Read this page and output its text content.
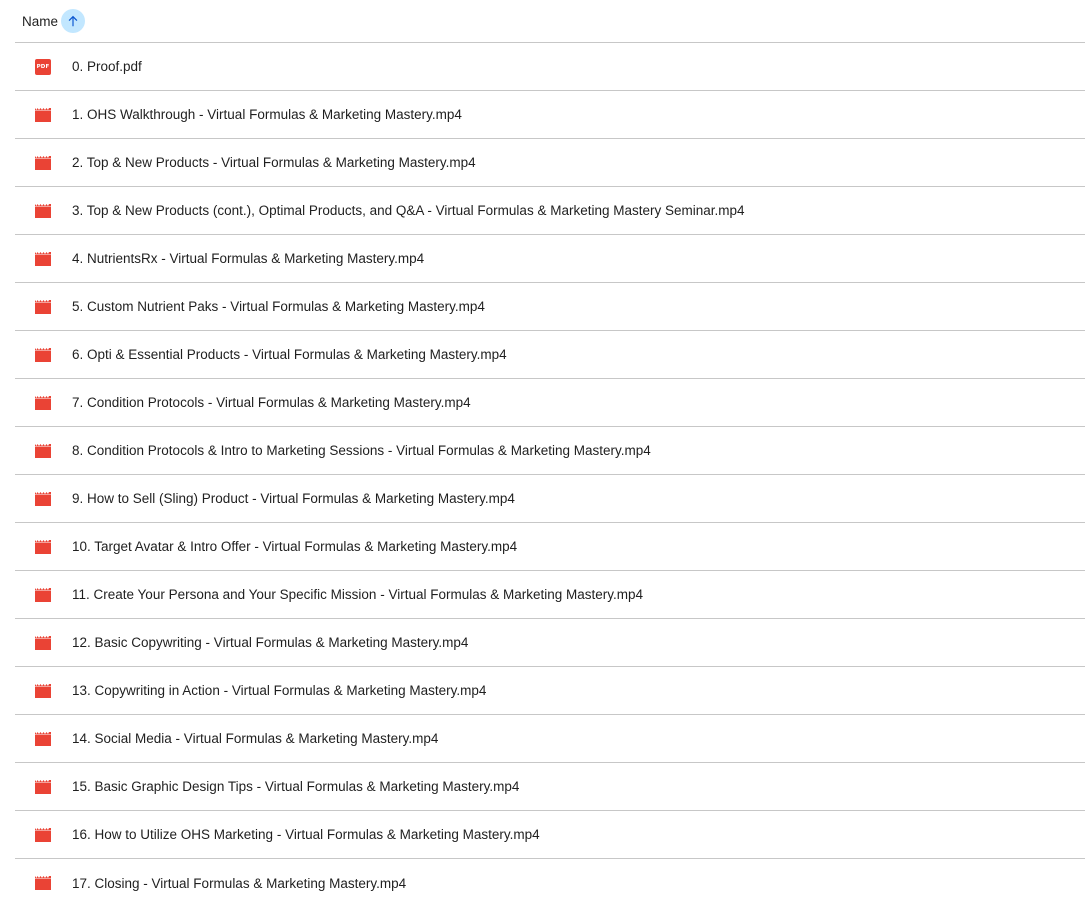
Name
PDF 0. Proof.pdf
1. OHS Walkthrough - Virtual Formulas & Marketing Mastery.mp4
2. Top & New Products - Virtual Formulas & Marketing Mastery.mp4
3. Top & New Products (cont.), Optimal Products, and Q&A - Virtual Formulas & Marketing Mastery Seminar.mp4
4. NutrientsRx - Virtual Formulas & Marketing Mastery.mp4
5. Custom Nutrient Paks - Virtual Formulas & Marketing Mastery.mp4
6. Opti & Essential Products - Virtual Formulas & Marketing Mastery.mp4
7. Condition Protocols - Virtual Formulas & Marketing Mastery.mp4
8. Condition Protocols & Intro to Marketing Sessions - Virtual Formulas & Marketing Mastery.mp4
9. How to Sell (Sling) Product - Virtual Formulas & Marketing Mastery.mp4
10. Target Avatar & Intro Offer - Virtual Formulas & Marketing Mastery.mp4
11. Create Your Persona and Your Specific Mission - Virtual Formulas & Marketing Mastery.mp4
12. Basic Copywriting - Virtual Formulas & Marketing Mastery.mp4
13. Copywriting in Action - Virtual Formulas & Marketing Mastery.mp4
14. Social Media - Virtual Formulas & Marketing Mastery.mp4
15. Basic Graphic Design Tips - Virtual Formulas & Marketing Mastery.mp4
16. How to Utilize OHS Marketing - Virtual Formulas & Marketing Mastery.mp4
17. Closing - Virtual Formulas & Marketing Mastery.mp4
